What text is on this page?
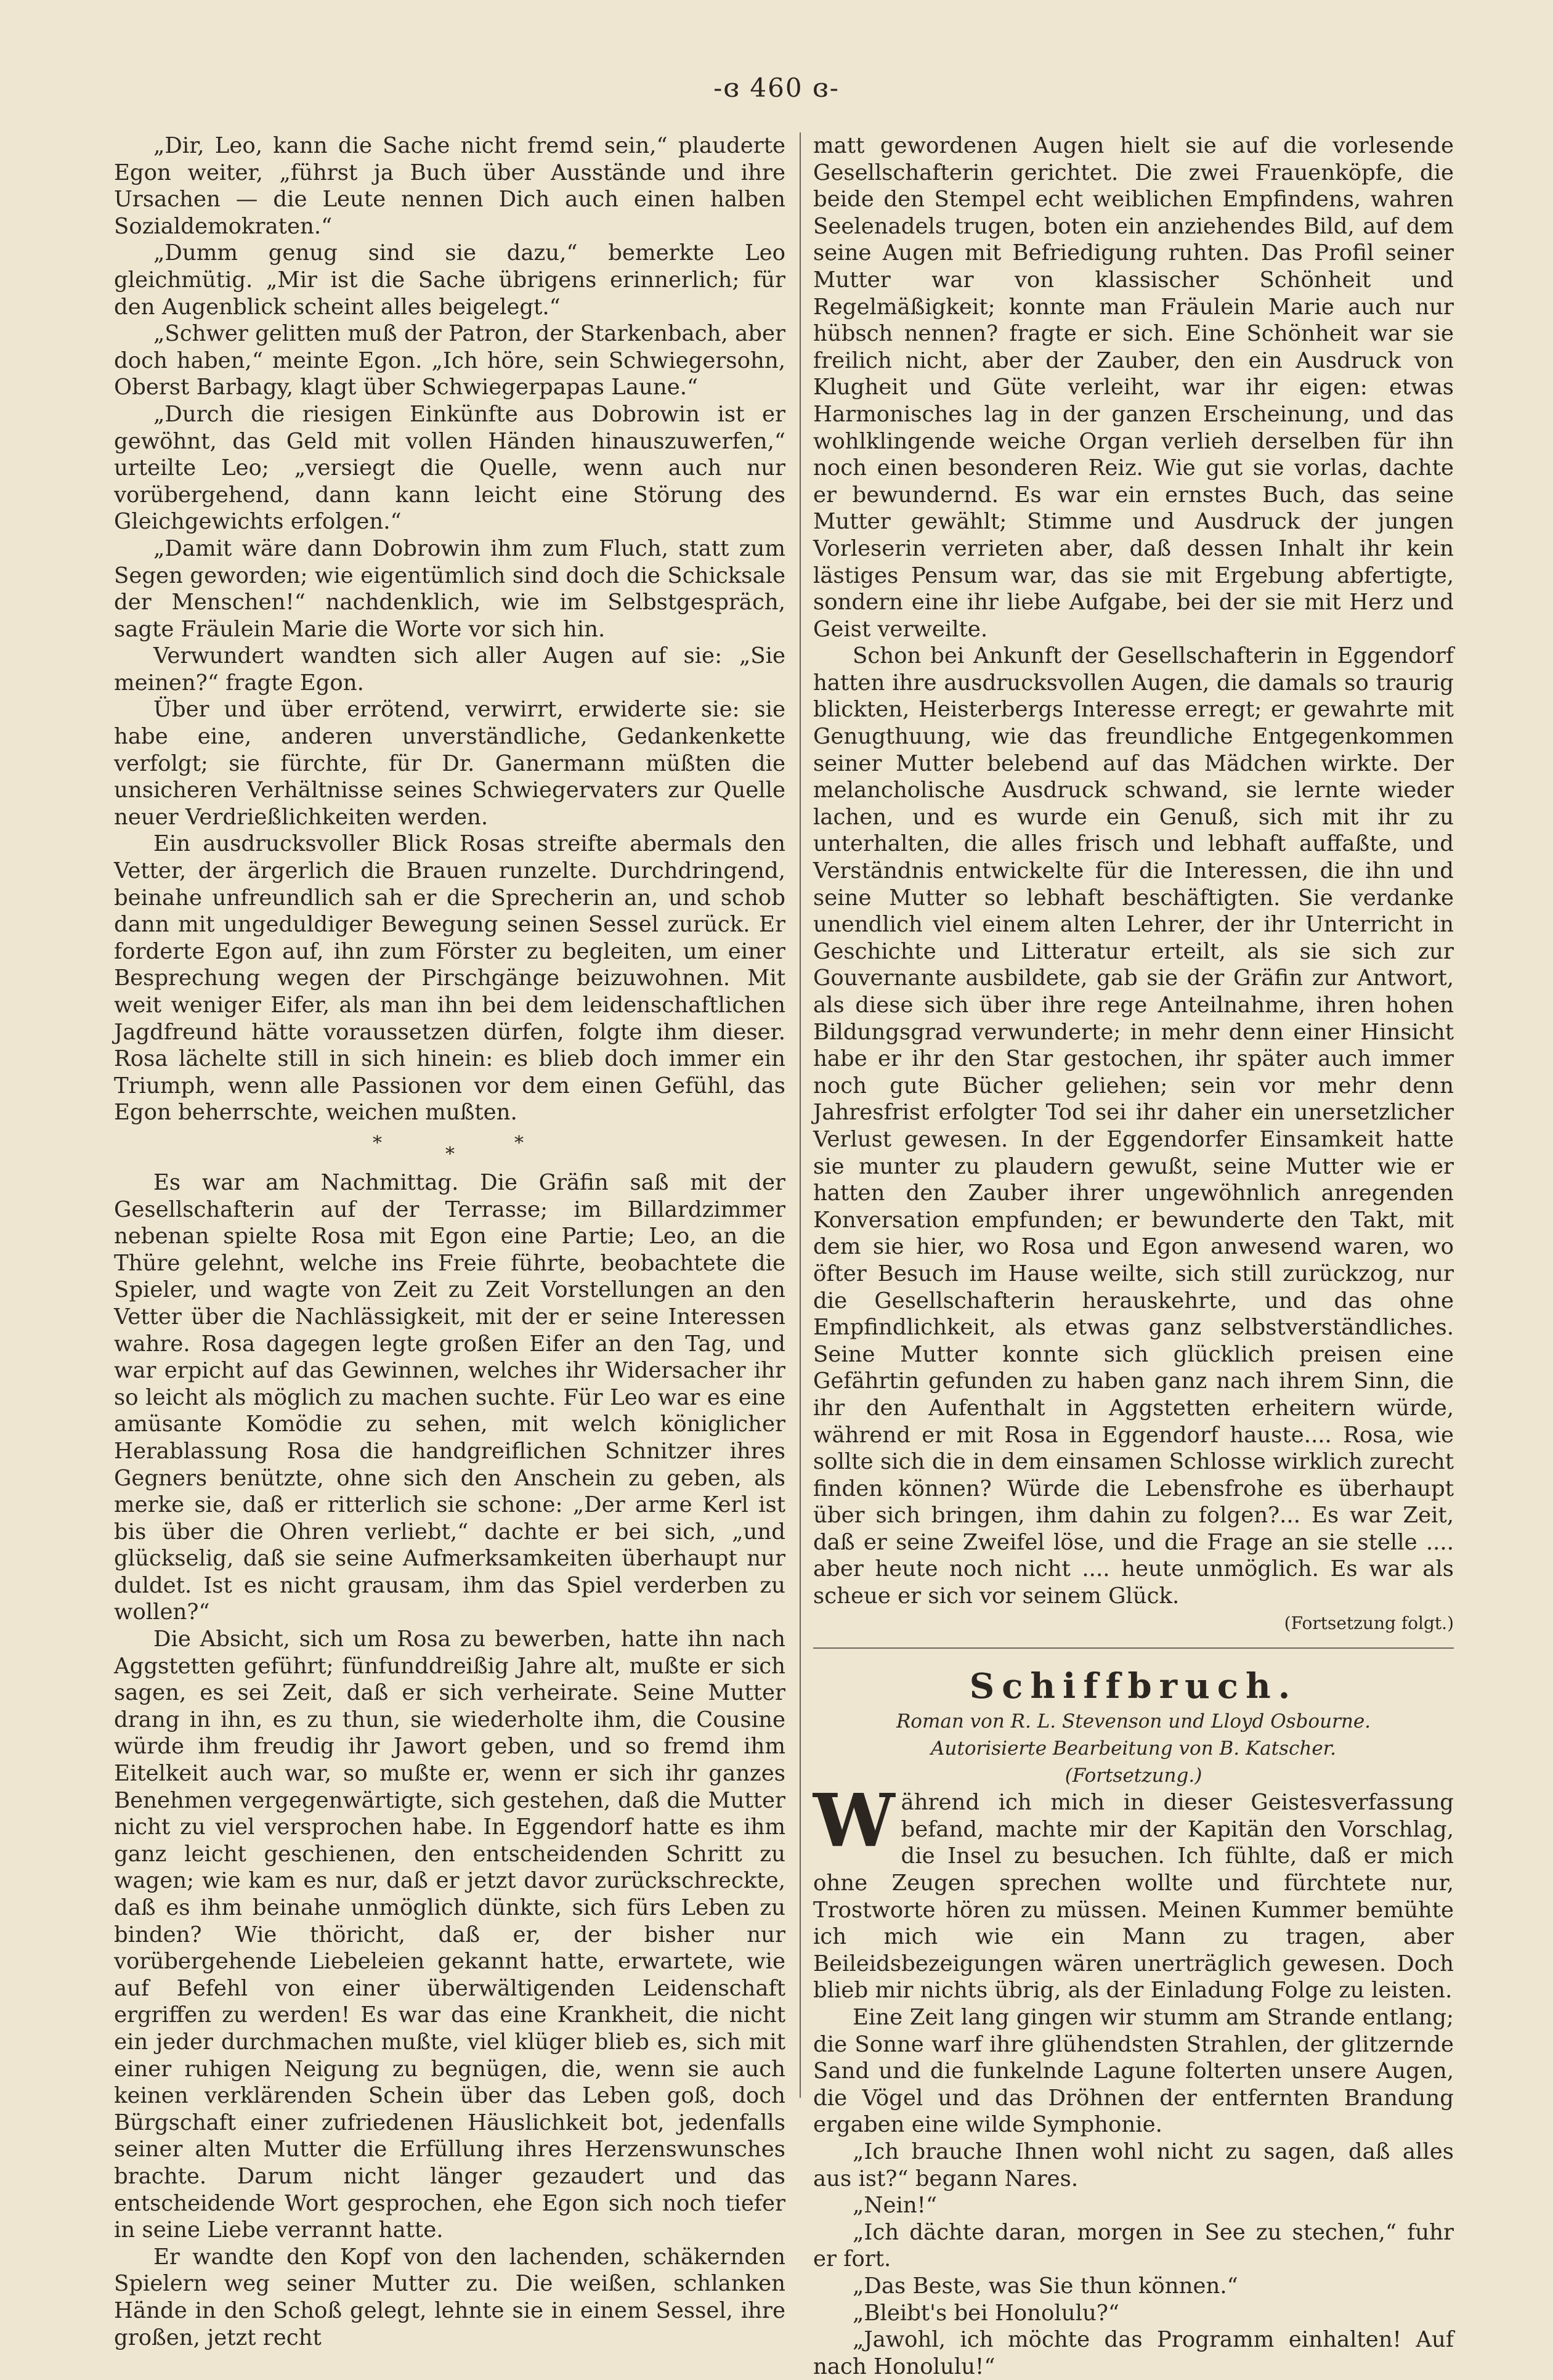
-ɞ 460 ɞ-

„Dir, Leo, kann die Sache nicht fremd sein,“ plauderte Egon weiter, „führst ja Buch über Ausstände und ihre Ursachen — die Leute nennen Dich auch einen halben Sozialdemokraten.“

„Dumm genug sind sie dazu,“ bemerkte Leo gleichmütig. „Mir ist die Sache übrigens erinnerlich; für den Augenblick scheint alles beigelegt.“

„Schwer gelitten muß der Patron, der Starkenbach, aber doch haben,“ meinte Egon. „Ich höre, sein Schwiegersohn, Oberst Barbagy, klagt über Schwiegerpapas Laune.“

„Durch die riesigen Einkünfte aus Dobrowin ist er gewöhnt, das Geld mit vollen Händen hinauszuwerfen,“ urteilte Leo; „versiegt die Quelle, wenn auch nur vorübergehend, dann kann leicht eine Störung des Gleichgewichts erfolgen.“

„Damit wäre dann Dobrowin ihm zum Fluch, statt zum Segen geworden; wie eigentümlich sind doch die Schicksale der Menschen!“ nachdenklich, wie im Selbstgespräch, sagte Fräulein Marie die Worte vor sich hin.

Verwundert wandten sich aller Augen auf sie: „Sie meinen?“ fragte Egon.

Über und über errötend, verwirrt, erwiderte sie: sie habe eine, anderen unverständliche, Gedankenkette verfolgt; sie fürchte, für Dr. Ganermann müßten die unsicheren Verhältnisse seines Schwiegervaters zur Quelle neuer Verdrießlichkeiten werden.

Ein ausdrucksvoller Blick Rosas streifte abermals den Vetter, der ärgerlich die Brauen runzelte. Durchdringend, beinahe unfreundlich sah er die Sprecherin an, und schob dann mit ungeduldiger Bewegung seinen Sessel zurück. Er forderte Egon auf, ihn zum Förster zu begleiten, um einer Besprechung wegen der Pirschgänge beizuwohnen. Mit weit weniger Eifer, als man ihn bei dem leidenschaftlichen Jagdfreund hätte voraussetzen dürfen, folgte ihm dieser. Rosa lächelte still in sich hinein: es blieb doch immer ein Triumph, wenn alle Passionen vor dem einen Gefühl, das Egon beherrschte, weichen mußten.

*
*
*

Es war am Nachmittag. Die Gräfin saß mit der Gesellschafterin auf der Terrasse; im Billardzimmer nebenan spielte Rosa mit Egon eine Partie; Leo, an die Thüre gelehnt, welche ins Freie führte, beobachtete die Spieler, und wagte von Zeit zu Zeit Vorstellungen an den Vetter über die Nachlässigkeit, mit der er seine Interessen wahre. Rosa dagegen legte großen Eifer an den Tag, und war erpicht auf das Gewinnen, welches ihr Widersacher ihr so leicht als möglich zu machen suchte. Für Leo war es eine amüsante Komödie zu sehen, mit welch königlicher Herablassung Rosa die handgreiflichen Schnitzer ihres Gegners benützte, ohne sich den Anschein zu geben, als merke sie, daß er ritterlich sie schone: „Der arme Kerl ist bis über die Ohren verliebt,“ dachte er bei sich, „und glückselig, daß sie seine Aufmerksamkeiten überhaupt nur duldet. Ist es nicht grausam, ihm das Spiel verderben zu wollen?“

Die Absicht, sich um Rosa zu bewerben, hatte ihn nach Aggstetten geführt; fünfunddreißig Jahre alt, mußte er sich sagen, es sei Zeit, daß er sich verheirate. Seine Mutter drang in ihn, es zu thun, sie wiederholte ihm, die Cousine würde ihm freudig ihr Jawort geben, und so fremd ihm Eitelkeit auch war, so mußte er, wenn er sich ihr ganzes Benehmen vergegenwärtigte, sich gestehen, daß die Mutter nicht zu viel versprochen habe. In Eggendorf hatte es ihm ganz leicht geschienen, den entscheidenden Schritt zu wagen; wie kam es nur, daß er jetzt davor zurückschreckte, daß es ihm beinahe unmöglich dünkte, sich fürs Leben zu binden? Wie thöricht, daß er, der bisher nur vorübergehende Liebeleien gekannt hatte, erwartete, wie auf Befehl von einer überwältigenden Leidenschaft ergriffen zu werden! Es war das eine Krankheit, die nicht ein jeder durchmachen mußte, viel klüger blieb es, sich mit einer ruhigen Neigung zu begnügen, die, wenn sie auch keinen verklärenden Schein über das Leben goß, doch Bürgschaft einer zufriedenen Häuslichkeit bot, jedenfalls seiner alten Mutter die Erfüllung ihres Herzenswunsches brachte. Darum nicht länger gezaudert und das entscheidende Wort gesprochen, ehe Egon sich noch tiefer in seine Liebe verrannt hatte.

Er wandte den Kopf von den lachenden, schäkernden Spielern weg seiner Mutter zu. Die weißen, schlanken Hände in den Schoß gelegt, lehnte sie in einem Sessel, ihre großen, jetzt recht

matt gewordenen Augen hielt sie auf die vorlesende Gesellschafterin gerichtet. Die zwei Frauenköpfe, die beide den Stempel echt weiblichen Empfindens, wahren Seelenadels trugen, boten ein anziehendes Bild, auf dem seine Augen mit Befriedigung ruhten. Das Profil seiner Mutter war von klassischer Schönheit und Regelmäßigkeit; konnte man Fräulein Marie auch nur hübsch nennen? fragte er sich. Eine Schönheit war sie freilich nicht, aber der Zauber, den ein Ausdruck von Klugheit und Güte verleiht, war ihr eigen: etwas Harmonisches lag in der ganzen Erscheinung, und das wohlklingende weiche Organ verlieh derselben für ihn noch einen besonderen Reiz. Wie gut sie vorlas, dachte er bewundernd. Es war ein ernstes Buch, das seine Mutter gewählt; Stimme und Ausdruck der jungen Vorleserin verrieten aber, daß dessen Inhalt ihr kein lästiges Pensum war, das sie mit Ergebung abfertigte, sondern eine ihr liebe Aufgabe, bei der sie mit Herz und Geist verweilte.

Schon bei Ankunft der Gesellschafterin in Eggendorf hatten ihre ausdrucksvollen Augen, die damals so traurig blickten, Heisterbergs Interesse erregt; er gewahrte mit Genugthuung, wie das freundliche Entgegenkommen seiner Mutter belebend auf das Mädchen wirkte. Der melancholische Ausdruck schwand, sie lernte wieder lachen, und es wurde ein Genuß, sich mit ihr zu unterhalten, die alles frisch und lebhaft auffaßte, und Verständnis entwickelte für die Interessen, die ihn und seine Mutter so lebhaft beschäftigten. Sie verdanke unendlich viel einem alten Lehrer, der ihr Unterricht in Geschichte und Litteratur erteilt, als sie sich zur Gouvernante ausbildete, gab sie der Gräfin zur Antwort, als diese sich über ihre rege Anteilnahme, ihren hohen Bildungsgrad verwunderte; in mehr denn einer Hinsicht habe er ihr den Star gestochen, ihr später auch immer noch gute Bücher geliehen; sein vor mehr denn Jahresfrist erfolgter Tod sei ihr daher ein unersetzlicher Verlust gewesen. In der Eggendorfer Einsamkeit hatte sie munter zu plaudern gewußt, seine Mutter wie er hatten den Zauber ihrer ungewöhnlich anregenden Konversation empfunden; er bewunderte den Takt, mit dem sie hier, wo Rosa und Egon anwesend waren, wo öfter Besuch im Hause weilte, sich still zurückzog, nur die Gesellschafterin herauskehrte, und das ohne Empfindlichkeit, als etwas ganz selbstverständliches. Seine Mutter konnte sich glücklich preisen eine Gefährtin gefunden zu haben ganz nach ihrem Sinn, die ihr den Aufenthalt in Aggstetten erheitern würde, während er mit Rosa in Eggendorf hauste.... Rosa, wie sollte sich die in dem einsamen Schlosse wirklich zurecht finden können? Würde die Lebensfrohe es überhaupt über sich bringen, ihm dahin zu folgen?... Es war Zeit, daß er seine Zweifel löse, und die Frage an sie stelle .... aber heute noch nicht .... heute unmöglich. Es war als scheue er sich vor seinem Glück.

(Fortsetzung folgt.)
Schiffbruch.
Roman von R. L. Stevenson und Lloyd Osbourne.
Autorisierte Bearbeitung von B. Katscher.
(Fortsetzung.)

Während ich mich in dieser Geistesverfassung befand, machte mir der Kapitän den Vorschlag, die Insel zu besuchen. Ich fühlte, daß er mich ohne Zeugen sprechen wollte und fürchtete nur, Trostworte hören zu müssen. Meinen Kummer bemühte ich mich wie ein Mann zu tragen, aber Beileidsbezeigungen wären unerträglich gewesen. Doch blieb mir nichts übrig, als der Einladung Folge zu leisten.

Eine Zeit lang gingen wir stumm am Strande entlang; die Sonne warf ihre glühendsten Strahlen, der glitzernde Sand und die funkelnde Lagune folterten unsere Augen, die Vögel und das Dröhnen der entfernten Brandung ergaben eine wilde Symphonie.

„Ich brauche Ihnen wohl nicht zu sagen, daß alles aus ist?“ begann Nares.

„Nein!“

„Ich dächte daran, morgen in See zu stechen,“ fuhr er fort.

„Das Beste, was Sie thun können.“

„Bleibt's bei Honolulu?“

„Jawohl, ich möchte das Programm einhalten! Auf nach Honolulu!“
